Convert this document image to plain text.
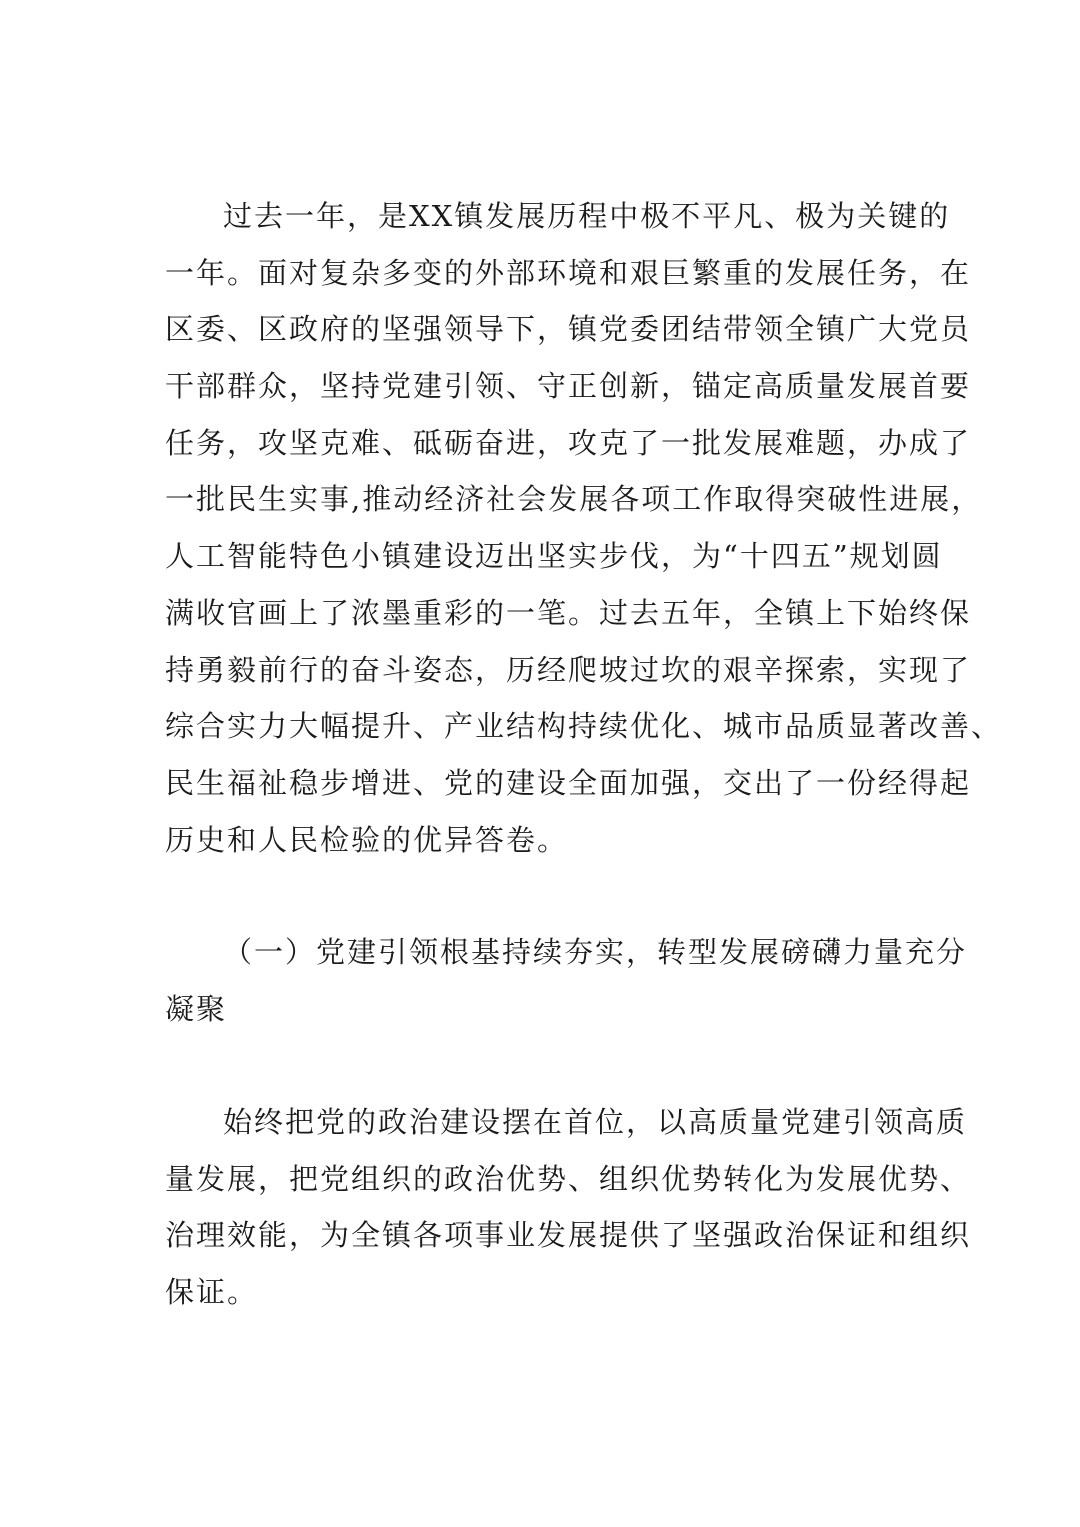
过去一年，是XX镇发展历程中极不平凡、极为关键的
一年。面对复杂多变的外部环境和艰巨繁重的发展任务，在
区委、区政府的坚强领导下，镇党委团结带领全镇广大党员
干部群众，坚持党建引领、守正创新，锚定高质量发展首要
任务，攻坚克难、砥砺奋进，攻克了一批发展难题，办成了
一批民生实事,推动经济社会发展各项工作取得突破性进展，
人工智能特色小镇建设迈出坚实步伐，为“十四五”规划圆
满收官画上了浓墨重彩的一笔。过去五年，全镇上下始终保
持勇毅前行的奋斗姿态，历经爬坡过坎的艰辛探索，实现了
综合实力大幅提升、产业结构持续优化、城市品质显著改善、
民生福祉稳步增进、党的建设全面加强，交出了一份经得起
历史和人民检验的优异答卷。
（一）党建引领根基持续夯实，转型发展磅礴力量充分
凝聚
始终把党的政治建设摆在首位，以高质量党建引领高质
量发展，把党组织的政治优势、组织优势转化为发展优势、
治理效能，为全镇各项事业发展提供了坚强政治保证和组织
保证。
